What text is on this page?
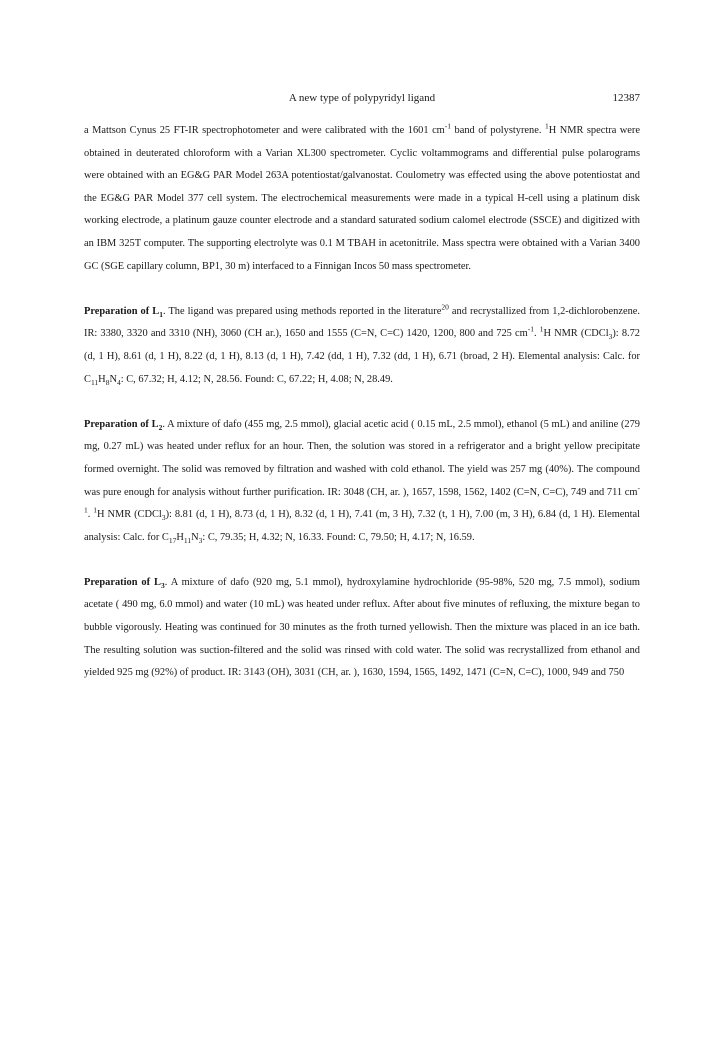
A new type of polypyridyl ligand	12387

a Mattson Cynus 25 FT-IR spectrophotometer and were calibrated with the 1601 $cm^{-1}$ band of polystyrene. $^1$H NMR spectra were obtained in deuterated chloroform with a Varian XL300 spectrometer. Cyclic voltammograms and differential pulse polarograms were obtained with an EG&G PAR Model 263A potentiostat/galvanostat. Coulometry was effected using the above potentiostat and the EG&G PAR Model 377 cell system. The electrochemical measurements were made in a typical H-cell using a platinum disk working electrode, a platinum gauze counter electrode and a standard saturated sodium calomel electrode (SSCE) and digitized with an IBM 325T computer. The supporting electrolyte was 0.1 M TBAH in acetonitrile. Mass spectra were obtained with a Varian 3400 GC (SGE capillary column, BP1, 30 m) interfaced to a Finnigan Incos 50 mass spectrometer.

Preparation of $L_1$. The ligand was prepared using methods reported in the literature$^{20}$ and recrystallized from 1,2-dichlorobenzene. IR: 3380, 3320 and 3310 (NH), 3060 (CH ar.), 1650 and 1555 (C=N, C=C) 1420, 1200, 800 and 725 $cm^{-1}$. $^1$H NMR (CDCl$_3$): 8.72 (d, 1 H), 8.61 (d, 1 H), 8.22 (d, 1 H), 8.13 (d, 1 H), 7.42 (dd, 1 H), 7.32 (dd, 1 H), 6.71 (broad, 2 H). Elemental analysis: Calc. for $C_{11}H_8N_4$: C, 67.32; H, 4.12; N, 28.56. Found: C, 67.22; H, 4.08; N, 28.49.

Preparation of $L_2$. A mixture of dafo (455 mg, 2.5 mmol), glacial acetic acid ( 0.15 mL, 2.5 mmol), ethanol (5 mL) and aniline (279 mg, 0.27 mL) was heated under reflux for an hour. Then, the solution was stored in a refrigerator and a bright yellow precipitate formed overnight. The solid was removed by filtration and washed with cold ethanol. The yield was 257 mg (40%). The compound was pure enough for analysis without further purification. IR: 3048 (CH, ar. ), 1657, 1598, 1562, 1402 (C=N, C=C), 749 and 711 $cm^{-1}$. $^1$H NMR (CDCl$_3$): 8.81 (d, 1 H), 8.73 (d, 1 H), 8.32 (d, 1 H), 7.41 (m, 3 H), 7.32 (t, 1 H), 7.00 (m, 3 H), 6.84 (d, 1 H). Elemental analysis: Calc. for $C_{17}H_{11}N_3$: C, 79.35; H, 4.32; N, 16.33. Found: C, 79.50; H, 4.17; N, 16.59.

Preparation of $L_3$. A mixture of dafo (920 mg, 5.1 mmol), hydroxylamine hydrochloride (95-98%, 520 mg, 7.5 mmol), sodium acetate ( 490 mg, 6.0 mmol) and water (10 mL) was heated under reflux. After about five minutes of refluxing, the mixture began to bubble vigorously. Heating was continued for 30 minutes as the froth turned yellowish. Then the mixture was placed in an ice bath. The resulting solution was suction-filtered and the solid was rinsed with cold water. The solid was recrystallized from ethanol and yielded 925 mg (92%) of product. IR: 3143 (OH), 3031 (CH, ar. ), 1630, 1594, 1565, 1492, 1471 (C=N, C=C), 1000, 949 and 750
